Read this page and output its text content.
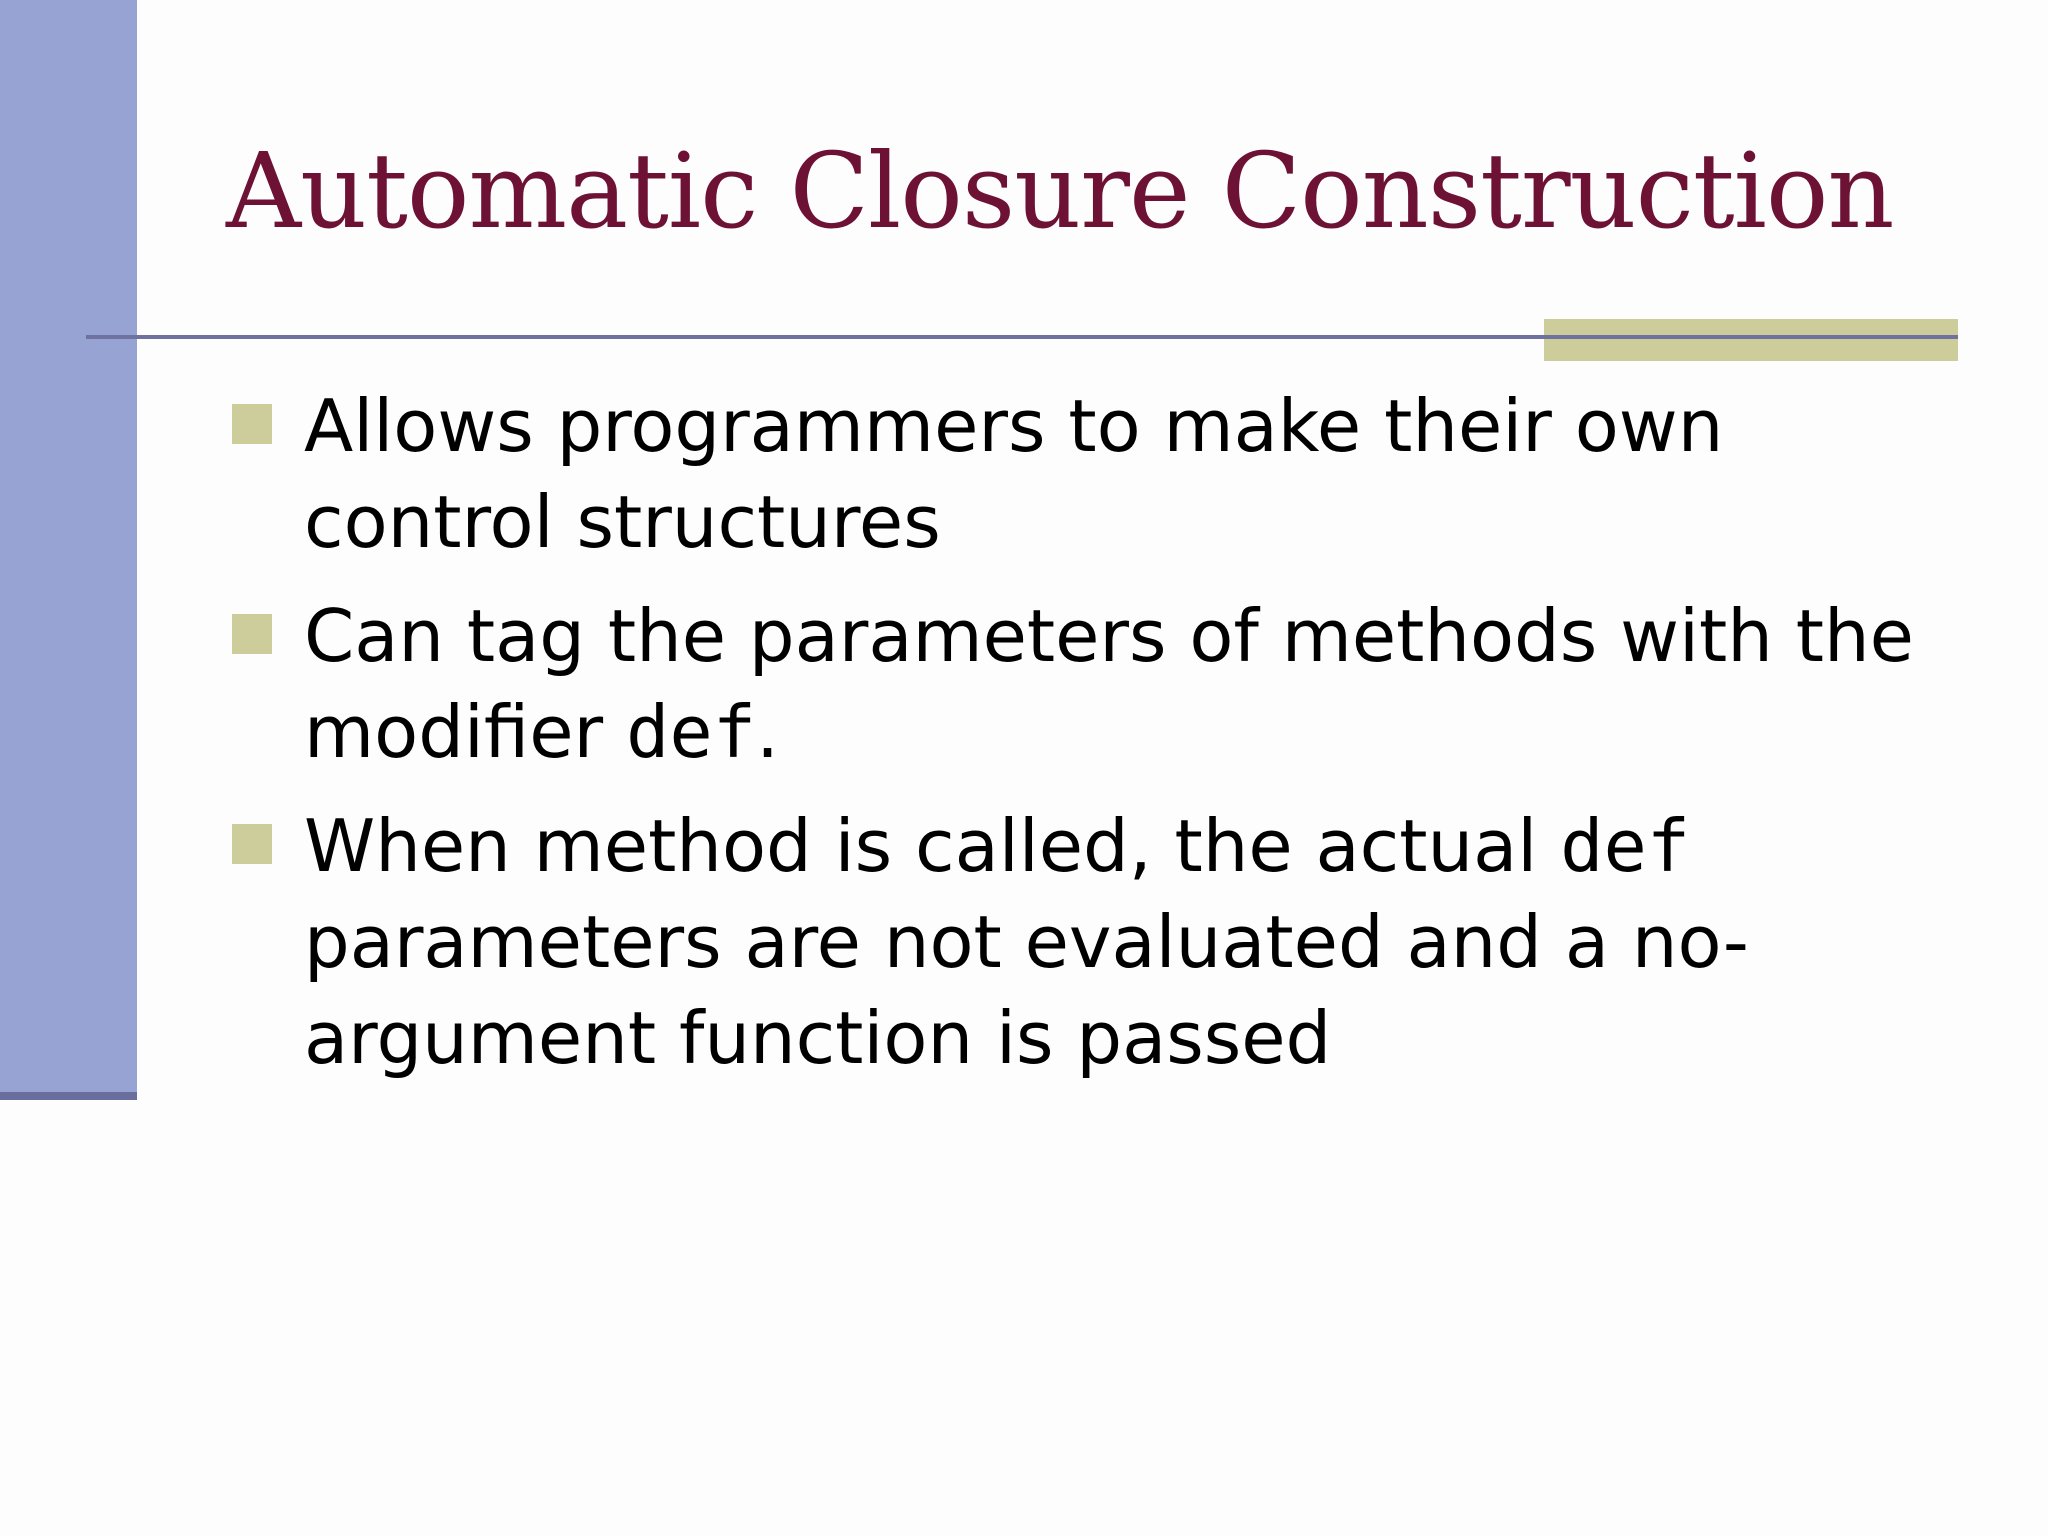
Automatic Closure Construction
Allows programmers to make their own control structures
Can tag the parameters of methods with the modifier def.
When method is called, the actual def parameters are not evaluated and a no-argument function is passed
